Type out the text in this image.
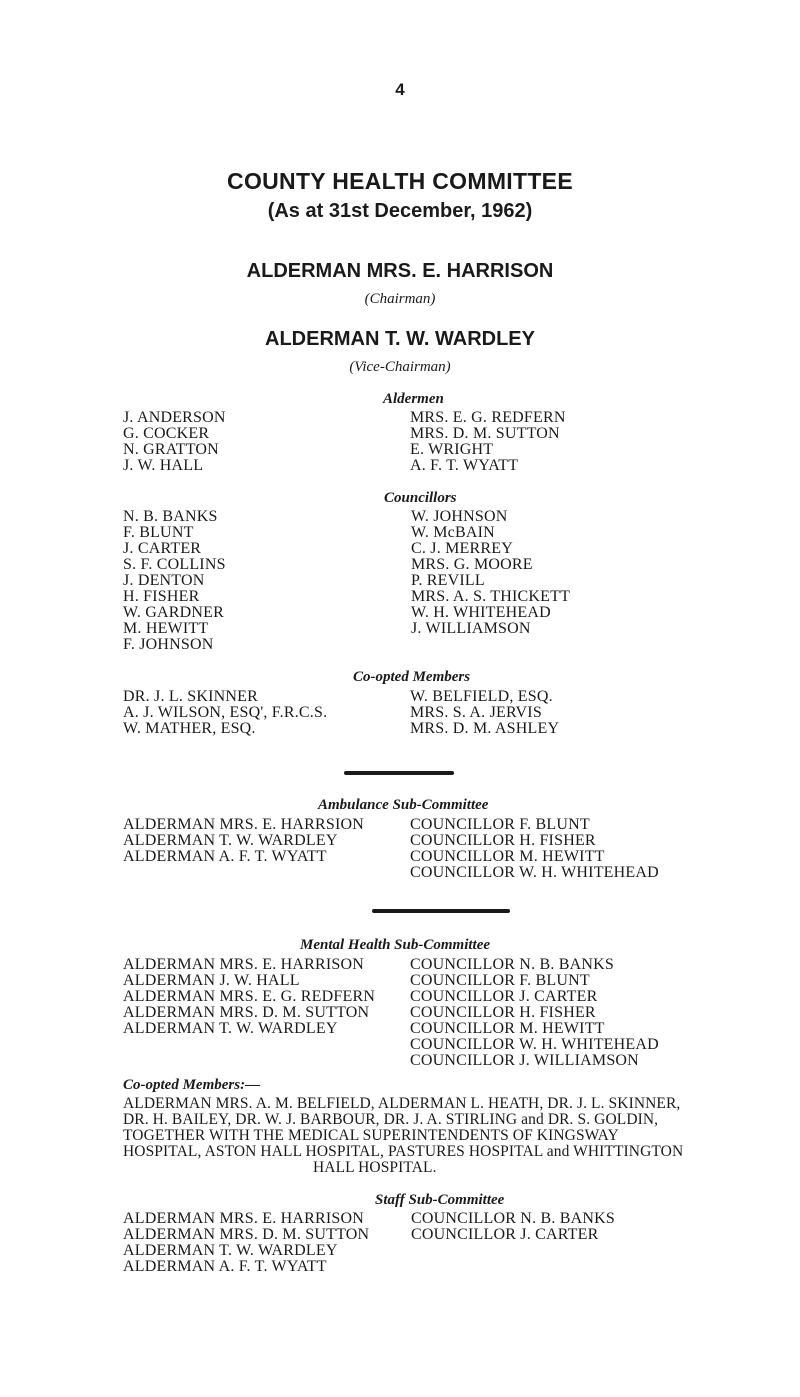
4
COUNTY HEALTH COMMITTEE
(As at 31st December, 1962)
ALDERMAN MRS. E. HARRISON
(Chairman)
ALDERMAN T. W. WARDLEY
(Vice-Chairman)
Aldermen
J. ANDERSON
G. COCKER
N. GRATTON
J. W. HALL
MRS. E. G. REDFERN
MRS. D. M. SUTTON
E. WRIGHT
A. F. T. WYATT
Councillors
N. B. BANKS
F. BLUNT
J. CARTER
S. F. COLLINS
J. DENTON
H. FISHER
W. GARDNER
M. HEWITT
F. JOHNSON
W. JOHNSON
W. McBAIN
C. J. MERREY
MRS. G. MOORE
P. REVILL
MRS. A. S. THICKETT
W. H. WHITEHEAD
J. WILLIAMSON
Co-opted Members
DR. J. L. SKINNER
A. J. WILSON, ESQ', F.R.C.S.
W. MATHER, ESQ.
W. BELFIELD, ESQ.
MRS. S. A. JERVIS
MRS. D. M. ASHLEY
Ambulance Sub-Committee
ALDERMAN MRS. E. HARRSION
ALDERMAN T. W. WARDLEY
ALDERMAN A. F. T. WYATT
COUNCILLOR F. BLUNT
COUNCILLOR H. FISHER
COUNCILLOR M. HEWITT
COUNCILLOR W. H. WHITEHEAD
Mental Health Sub-Committee
ALDERMAN MRS. E. HARRISON
ALDERMAN J. W. HALL
ALDERMAN MRS. E. G. REDFERN
ALDERMAN MRS. D. M. SUTTON
ALDERMAN T. W. WARDLEY
COUNCILLOR N. B. BANKS
COUNCILLOR F. BLUNT
COUNCILLOR J. CARTER
COUNCILLOR H. FISHER
COUNCILLOR M. HEWITT
COUNCILLOR W. H. WHITEHEAD
COUNCILLOR J. WILLIAMSON
Co-opted Members:—
ALDERMAN MRS. A. M. BELFIELD, ALDERMAN L. HEATH, DR. J. L. SKINNER,
DR. H. BAILEY, DR. W. J. BARBOUR, DR. J. A. STIRLING and DR. S. GOLDIN,
TOGETHER WITH THE MEDICAL SUPERINTENDENTS OF KINGSWAY
HOSPITAL, ASTON HALL HOSPITAL, PASTURES HOSPITAL and WHITTINGTON
HALL HOSPITAL.
Staff Sub-Committee
ALDERMAN MRS. E. HARRISON
ALDERMAN MRS. D. M. SUTTON
ALDERMAN T. W. WARDLEY
ALDERMAN A. F. T. WYATT
COUNCILLOR N. B. BANKS
COUNCILLOR J. CARTER
